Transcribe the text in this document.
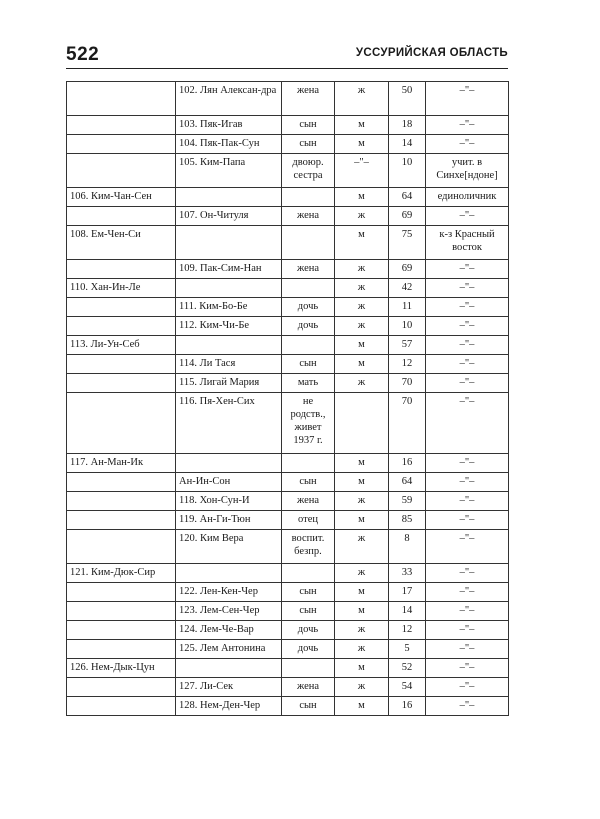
522	УССУРИЙСКАЯ ОБЛАСТЬ
	102. Лян Алексан-дра	жена	ж	50	–"–
	103. Пяк-Игав	сын	м	18	–"–
	104. Пяк-Пак-Сун	сын	м	14	–"–
	105. Ким-Папа	двоюр. сестра	–"–	10	учит. в Синхе[ндоне]
106. Ким-Чан-Сен			м	64	единоличник
	107. Он-Читуля	жена	ж	69	–"–
108. Ем-Чен-Си			м	75	к-з Красный восток
	109. Пак-Сим-Нан	жена	ж	69	–"–
110. Хан-Ин-Ле			ж	42	–"–
	111. Ким-Бо-Бе	дочь	ж	11	–"–
	112. Ким-Чи-Бе	дочь	ж	10	–"–
113. Ли-Ун-Себ			м	57	–"–
	114. Ли Тася	сын	м	12	–"–
	115. Лигай Мария	мать	ж	70	–"–
	116. Пя-Хен-Сих	не родств., живет 1937 г.		70	–"–
117. Ан-Ман-Ик			м	16	–"–
	Ан-Ин-Сон	сын	м	64	–"–
	118. Хон-Сун-И	жена	ж	59	–"–
	119. Ан-Ги-Тюн	отец	м	85	–"–
	120. Ким Вера	воспит. безпр.	ж	8	–"–
121. Ким-Дюк-Сир			ж	33	–"–
	122. Лен-Кен-Чер	сын	м	17	–"–
	123. Лем-Сен-Чер	сын	м	14	–"–
	124. Лем-Че-Вар	дочь	ж	12	–"–
	125. Лем Антонина	дочь	ж	5	–"–
126. Нем-Дык-Цун			м	52	–"–
	127. Ли-Сек	жена	ж	54	–"–
	128. Нем-Ден-Чер	сын	м	16	–"–
